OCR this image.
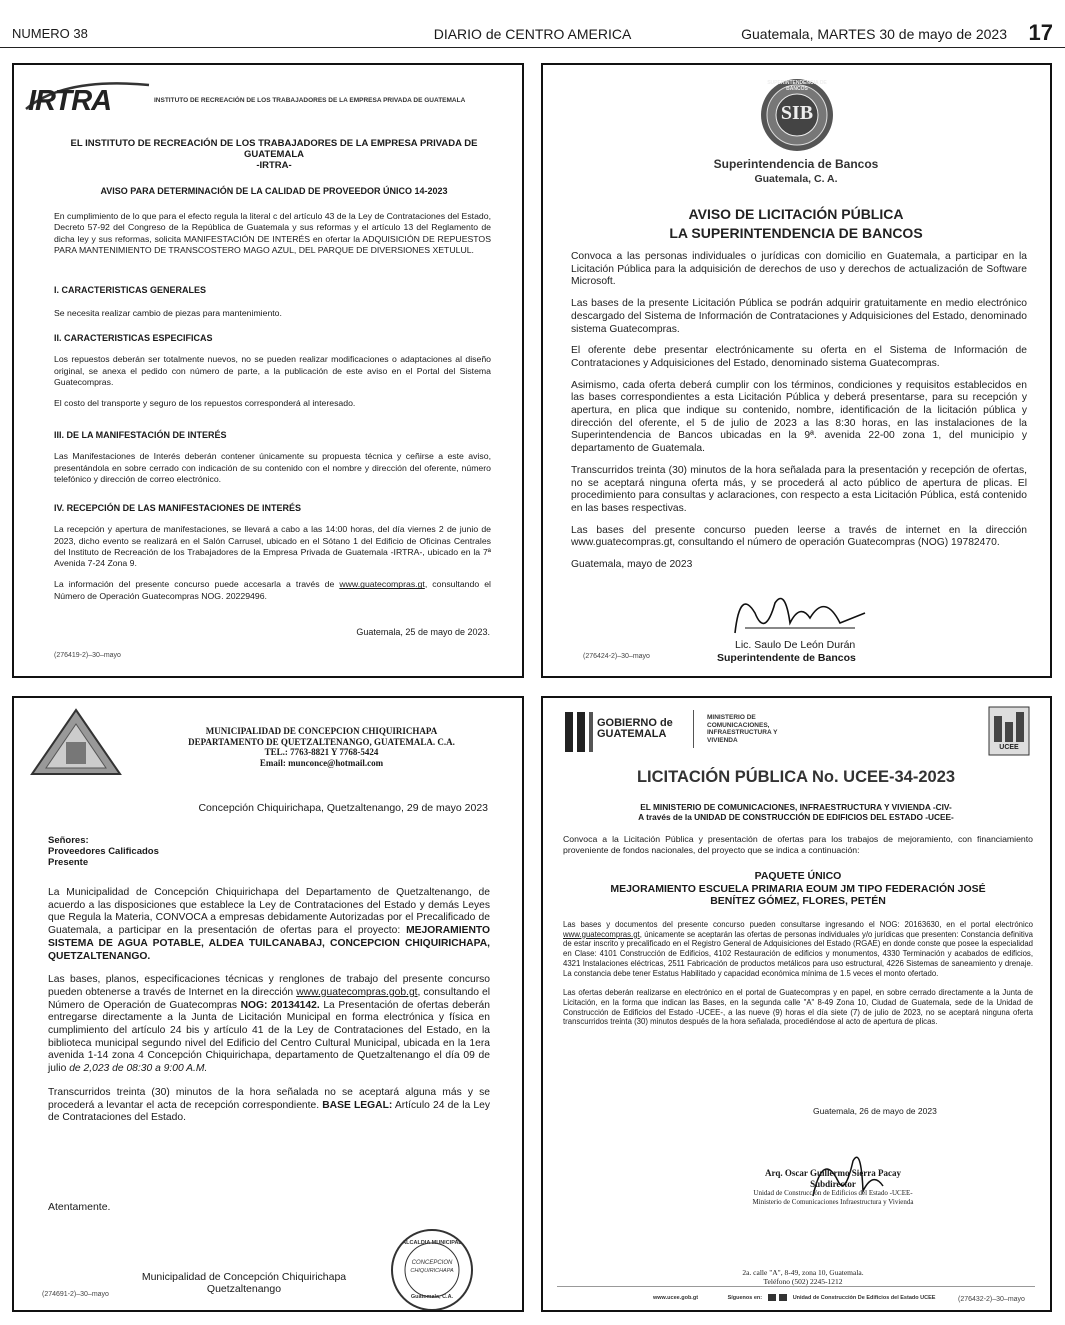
NUMERO 38	DIARIO de CENTRO AMERICA	Guatemala, MARTES 30 de mayo de 2023 17
IRTRA	INSTITUTO DE RECREACIÓN DE LOS TRABAJADORES DE LA EMPRESA PRIVADA DE GUATEMALA
EL INSTITUTO DE RECREACIÓN DE LOS TRABAJADORES DE LA EMPRESA PRIVADA DE GUATEMALA
-IRTRA-
AVISO PARA DETERMINACIÓN DE LA CALIDAD DE PROVEEDOR ÚNICO 14-2023

En cumplimiento de lo que para el efecto regula la literal c del artículo 43 de la Ley de Contrataciones del Estado, Decreto 57-92 del Congreso de la República de Guatemala y sus reformas y el artículo 13 del Reglamento de dicha ley y sus reformas, solicita MANIFESTACIÓN DE INTERÉS en ofertar la ADQUISICIÓN DE REPUESTOS PARA MANTENIMIENTO DE TRANSCOSTERO MAGO AZUL, DEL PARQUE DE DIVERSIONES XETULUL.

I. CARACTERISTICAS GENERALES

Se necesita realizar cambio de piezas para mantenimiento.

II. CARACTERISTICAS ESPECIFICAS

Los repuestos deberán ser totalmente nuevos, no se pueden realizar modificaciones o adaptaciones al diseño original, se anexa el pedido con número de parte, a la publicación de este aviso en el Portal del Sistema Guatecompras.

El costo del transporte y seguro de los repuestos corresponderá al interesado.

III. DE LA MANIFESTACIÓN DE INTERÉS

Las Manifestaciones de Interés deberán contener únicamente su propuesta técnica y ceñirse a este aviso, presentándola en sobre cerrado con indicación de su contenido con el nombre y dirección del oferente, número telefónico y dirección de correo electrónico.

IV. RECEPCIÓN DE LAS MANIFESTACIONES DE INTERÉS

La recepción y apertura de manifestaciones, se llevará a cabo a las 14:00 horas, del día viernes 2 de junio de 2023, dicho evento se realizará en el Salón Carrusel, ubicado en el Sótano 1 del Edificio de Oficinas Centrales del Instituto de Recreación de los Trabajadores de la Empresa Privada de Guatemala -IRTRA-, ubicado en la 7ª Avenida 7-24 Zona 9.

La información del presente concurso puede accesarla a través de www.guatecompras.gt, consultando el Número de Operación Guatecompras NOG. 20229496.

Guatemala, 25 de mayo de 2023.
(276419-2)–30–mayo
SIB
SUPERINTENDENCIA DE BANCOS
Superintendencia de Bancos
Guatemala, C. A.
AVISO DE LICITACIÓN PÚBLICA
LA SUPERINTENDENCIA DE BANCOS

Convoca a las personas individuales o jurídicas con domicilio en Guatemala, a participar en la Licitación Pública para la adquisición de derechos de uso y derechos de actualización de Software Microsoft.

Las bases de la presente Licitación Pública se podrán adquirir gratuitamente en medio electrónico descargado del Sistema de Información de Contrataciones y Adquisiciones del Estado, denominado sistema Guatecompras.

El oferente debe presentar electrónicamente su oferta en el Sistema de Información de Contrataciones y Adquisiciones del Estado, denominado sistema Guatecompras.

Asimismo, cada oferta deberá cumplir con los términos, condiciones y requisitos establecidos en las bases correspondientes a esta Licitación Pública y deberá presentarse, para su recepción y apertura, en plica que indique su contenido, nombre, identificación de la licitación pública y dirección del oferente, el 5 de julio de 2023 a las 8:30 horas, en las instalaciones de la Superintendencia de Bancos ubicadas en la 9ª. avenida 22-00 zona 1, del municipio y departamento de Guatemala.

Transcurridos treinta (30) minutos de la hora señalada para la presentación y recepción de ofertas, no se aceptará ninguna oferta más, y se procederá al acto público de apertura de plicas. El procedimiento para consultas y aclaraciones, con respecto a esta Licitación Pública, está contenido en las bases respectivas.

Las bases del presente concurso pueden leerse a través de internet en la dirección www.guatecompras.gt, consultando el número de operación Guatecompras (NOG) 19782470.

Guatemala, mayo de 2023

Lic. Saulo De León Durán
Superintendente de Bancos
(276424-2)–30–mayo
MUNICIPALIDAD DE CONCEPCION CHIQUIRICHAPA
DEPARTAMENTO DE QUETZALTENANGO, GUATEMALA. C.A.
TEL.: 7763-8821 Y 7768-5424
Email: munconce@hotmail.com
Concepción Chiquirichapa, Quetzaltenango, 29 de mayo 2023
Señores:
Proveedores Calificados
Presente

La Municipalidad de Concepción Chiquirichapa del Departamento de Quetzaltenango, de acuerdo a las disposiciones que establece la Ley de Contrataciones del Estado y demás Leyes que Regula la Materia, CONVOCA a empresas debidamente Autorizadas por el Precalificado de Guatemala, a participar en la presentación de ofertas para el proyecto: MEJORAMIENTO SISTEMA DE AGUA POTABLE, ALDEA TUILCANABAJ, CONCEPCION CHIQUIRICHAPA, QUETZALTENANGO.

Las bases, planos, especificaciones técnicas y renglones de trabajo del presente concurso pueden obtenerse a través de Internet en la dirección www.guatecompras.gob.gt, consultando el Número de Operación de Guatecompras NOG: 20134142. La Presentación de ofertas deberán entregarse directamente a la Junta de Licitación Municipal en forma electrónica y física en cumplimiento del artículo 24 bis y artículo 41 de la Ley de Contrataciones del Estado, en la biblioteca municipal segundo nivel del Edificio del Centro Cultural Municipal, ubicada en la 1era avenida 1-14 zona 4 Concepción Chiquirichapa, departamento de Quetzaltenango el día 09 de julio de 2,023 de 08:30 a 9:00 A.M.

Transcurridos treinta (30) minutos de la hora señalada no se aceptará alguna más y se procederá a levantar el acta de recepción correspondiente. BASE LEGAL: Artículo 24 de la Ley de Contrataciones del Estado.

Atentamente.
ALCALDIA MUNICIPAL
CONCEPCION
CHIQUIRICHAPA
Guatemala, C.A.
Municipalidad de Concepción Chiquirichapa
Quetzaltenango
(274691-2)–30–mayo
GOBIERNO de
GUATEMALA
MINISTERIO DE
COMUNICACIONES,
INFRAESTRUCTURA Y
VIVIENDA
UCEE
LICITACIÓN PÚBLICA No. UCEE-34-2023
EL MINISTERIO DE COMUNICACIONES, INFRAESTRUCTURA Y VIVIENDA -CIV-
A través de la UNIDAD DE CONSTRUCCIÓN DE EDIFICIOS DEL ESTADO -UCEE-

Convoca a la Licitación Pública y presentación de ofertas para los trabajos de mejoramiento, con financiamiento proveniente de fondos nacionales, del proyecto que se indica a continuación:

PAQUETE ÚNICO
MEJORAMIENTO ESCUELA PRIMARIA EOUM JM TIPO FEDERACIÓN JOSÉ
BENÍTEZ GÓMEZ, FLORES, PETÉN

Las bases y documentos del presente concurso pueden consultarse ingresando el NOG: 20163630, en el portal electrónico www.guatecompras.gt, únicamente se aceptarán las ofertas de personas individuales y/o jurídicas que presenten: Constancia definitiva de estar inscrito y precalificado en el Registro General de Adquisiciones del Estado (RGAE) en donde conste que posee la especialidad en Clase: 4101 Construcción de Edificios, 4102 Restauración de edificios y monumentos, 4330 Terminación y acabados de edificios, 4321 Instalaciones eléctricas, 2511 Fabricación de productos metálicos para uso estructural, 4226 Sistemas de saneamiento y drenaje. La constancia debe tener Estatus Habilitado y capacidad económica mínima de 1.5 veces el monto ofertado.

Las ofertas deberán realizarse en electrónico en el portal de Guatecompras y en papel, en sobre cerrado directamente a la Junta de Licitación, en la forma que indican las Bases, en la segunda calle "A" 8-49 Zona 10, Ciudad de Guatemala, sede de la Unidad de Construcción de Edificios del Estado -UCEE-, a las nueve (9) horas el día siete (7) de julio de 2023, no se aceptará ninguna oferta transcurridos treinta (30) minutos después de la hora señalada, procediéndose al acto de apertura de plicas.

Guatemala, 26 de mayo de 2023
Arq. Oscar Guillermo Sierra Pacay
Subdirector
Unidad de Construcción de Edificios del Estado -UCEE-
Ministerio de Comunicaciones Infraestructura y Vivienda
2a. calle "A", 8-49, zona 10, Guatemala.
Teléfono (502) 2245-1212
www.ucee.gob.gt	Síguenos en:	Unidad de Construcción De Edificios del Estado UCEE	(276432-2)–30–mayo
